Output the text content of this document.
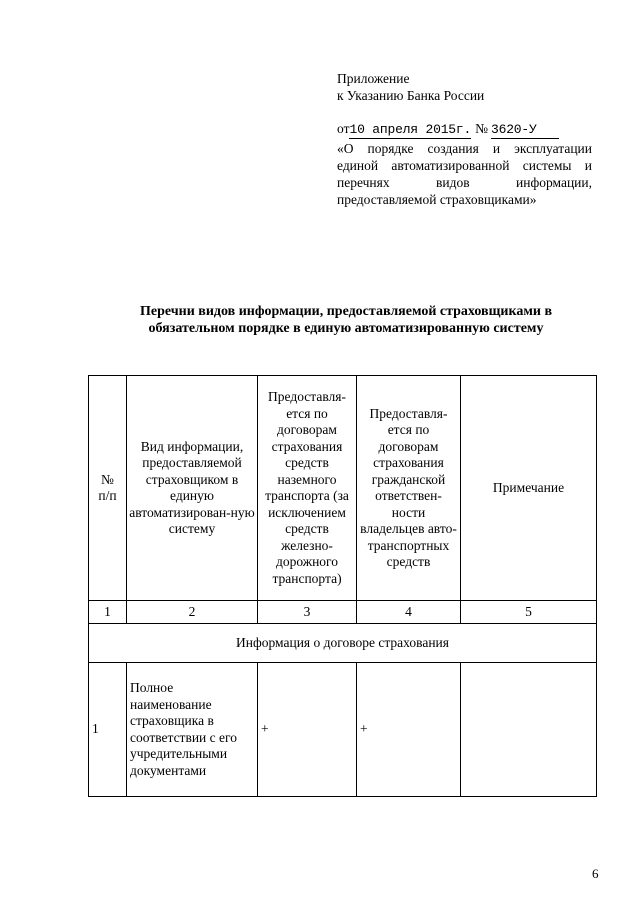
Приложение
к Указанию Банка России
от 10 апреля 2015г. № 3620-У
«О порядке создания и эксплуатации
единой автоматизированной системы и
перечнях видов информации,
предоставляемой страховщиками»
Перечни видов информации, предоставляемой страховщиками в
обязательном порядке в единую автоматизированную систему
№ п/п	Вид информации, предоставляемой страховщиком в единую автоматизирован-ную систему	Предоставля-ется по договорам страхования средств наземного транспорта (за исключением средств железно-дорожного транспорта)	Предоставля-ется по договорам страхования гражданской ответствен-ности владельцев авто-транспортных средств	Примечание
1	2	3	4	5
Информация о договоре страхования				
1	Полное наименование страховщика в соответствии с его учредительными документами	+	+	
6
